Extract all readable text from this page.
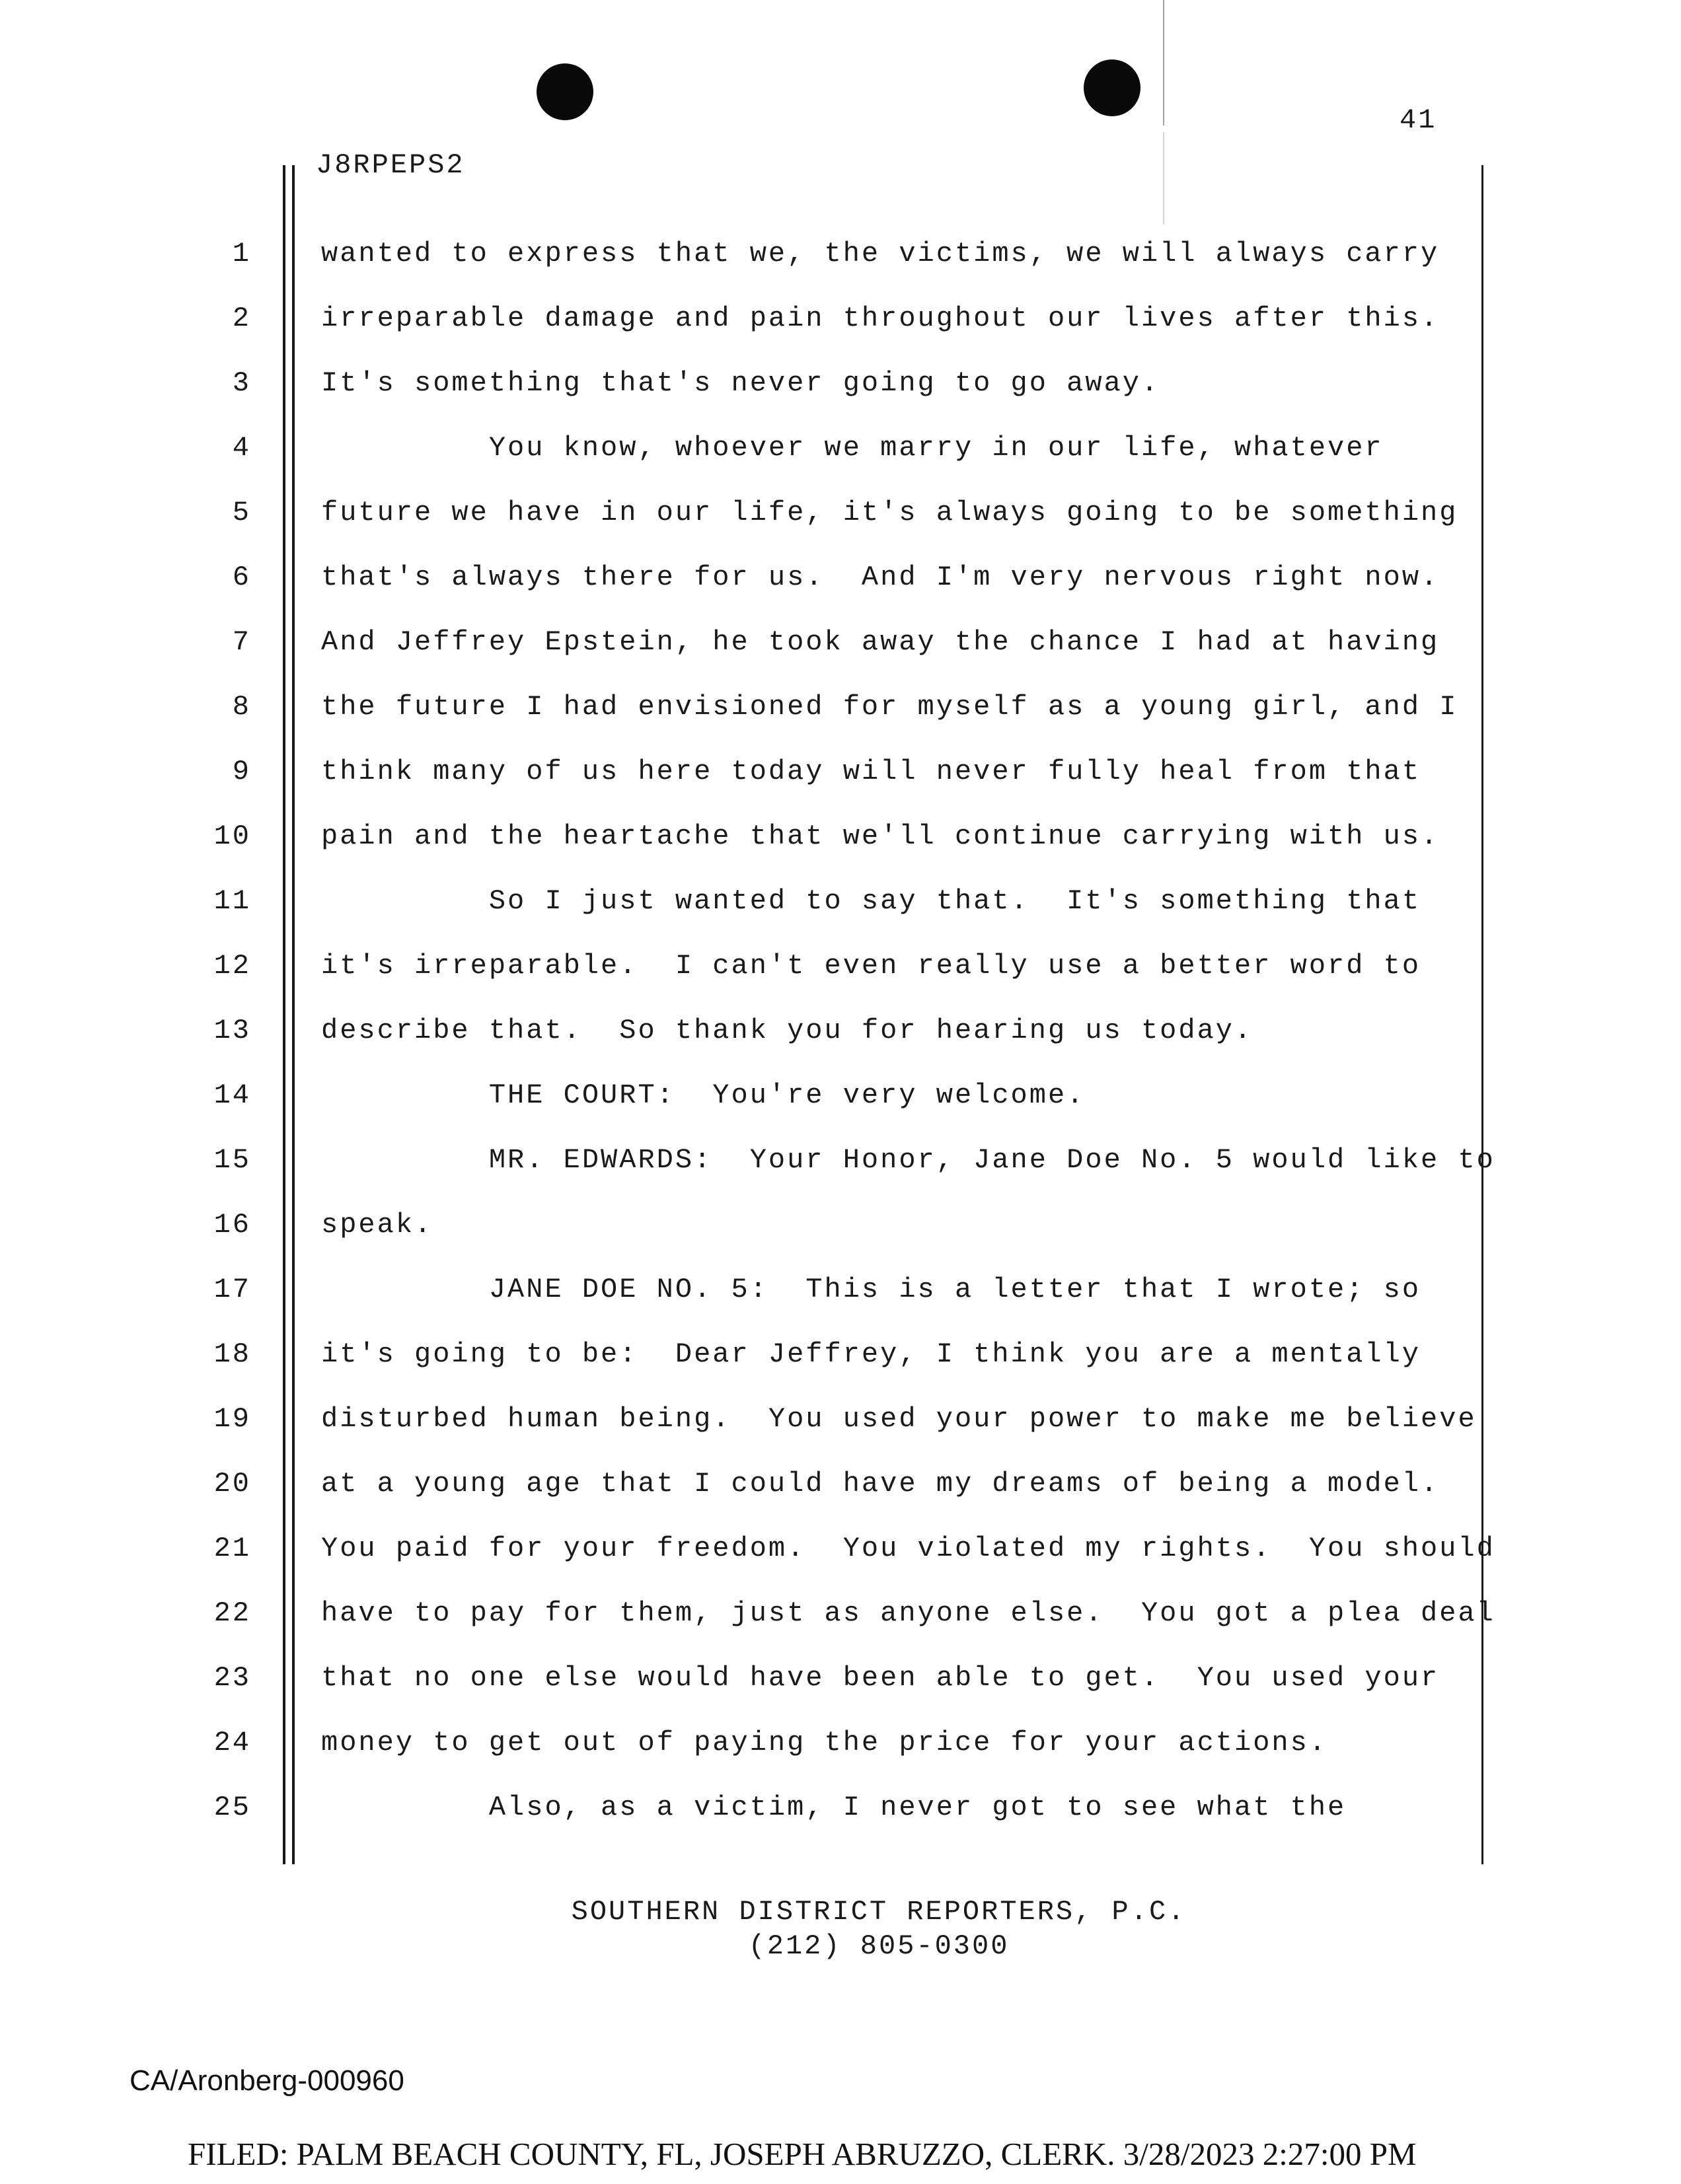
41
J8RPEPS2
1	wanted to express that we, the victims, we will always carry
2	irreparable damage and pain throughout our lives after this.
3	It's something that's never going to go away.
4	You know, whoever we marry in our life, whatever
5	future we have in our life, it's always going to be something
6	that's always there for us.  And I'm very nervous right now.
7	And Jeffrey Epstein, he took away the chance I had at having
8	the future I had envisioned for myself as a young girl, and I
9	think many of us here today will never fully heal from that
10	pain and the heartache that we'll continue carrying with us.
11	So I just wanted to say that.  It's something that
12	it's irreparable.  I can't even really use a better word to
13	describe that.  So thank you for hearing us today.
14	THE COURT:  You're very welcome.
15	MR. EDWARDS:  Your Honor, Jane Doe No. 5 would like to
16	speak.
17	JANE DOE NO. 5:  This is a letter that I wrote; so
18	it's going to be:  Dear Jeffrey, I think you are a mentally
19	disturbed human being.  You used your power to make me believe
20	at a young age that I could have my dreams of being a model.
21	You paid for your freedom.  You violated my rights.  You should
22	have to pay for them, just as anyone else.  You got a plea deal
23	that no one else would have been able to get.  You used your
24	money to get out of paying the price for your actions.
25	Also, as a victim, I never got to see what the
SOUTHERN DISTRICT REPORTERS, P.C.
(212) 805-0300
CA/Aronberg-000960
FILED: PALM BEACH COUNTY, FL, JOSEPH ABRUZZO, CLERK. 3/28/2023 2:27:00 PM
